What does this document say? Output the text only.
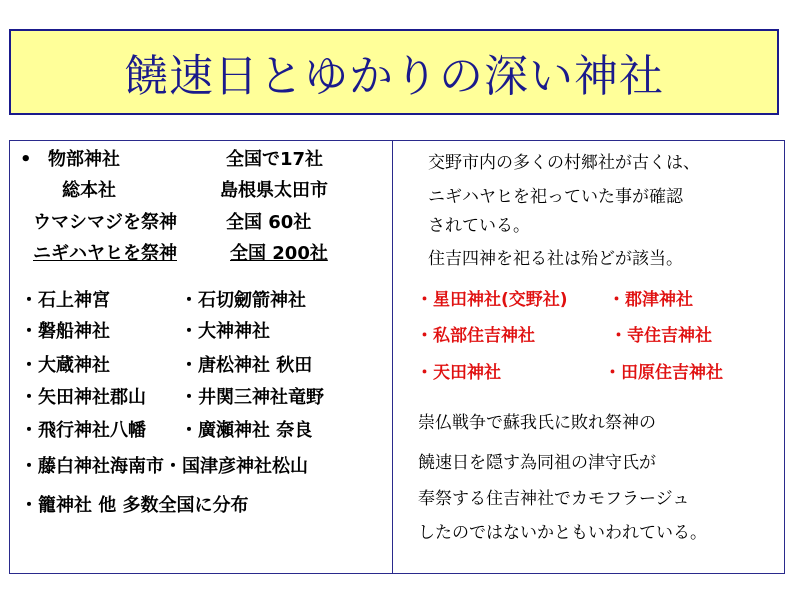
饒速日とゆかりの深い神社
• 物部神社	全国で17社
総本社	島根県太田市
ウマシマジを祭神	全国 60社
ニギハヤヒを祭神	全国 200社
・石上神宮	・石切劒箭神社
・磐船神社	・大神神社
・大蔵神社	・唐松神社 秋田
・矢田神社郡山 ・井関三神社竜野
・飛行神社八幡 ・廣瀬神社 奈良
・藤白神社海南市・国津彦神社松山
・籠神社 他 多数全国に分布
交野市内の多くの村郷社が古くは、
ニギハヤヒを祀っていた事が確認
されている。
住吉四神を祀る社は殆どが該当。
・星田神社(交野社) ・郡津神社
・私部住吉神社	・寺住吉神社
・天田神社	・田原住吉神社
崇仏戦争で蘇我氏に敗れ祭神の
饒速日を隠す為同祖の津守氏が
奉祭する住吉神社でカモフラージュ
したのではないかともいわれている。
